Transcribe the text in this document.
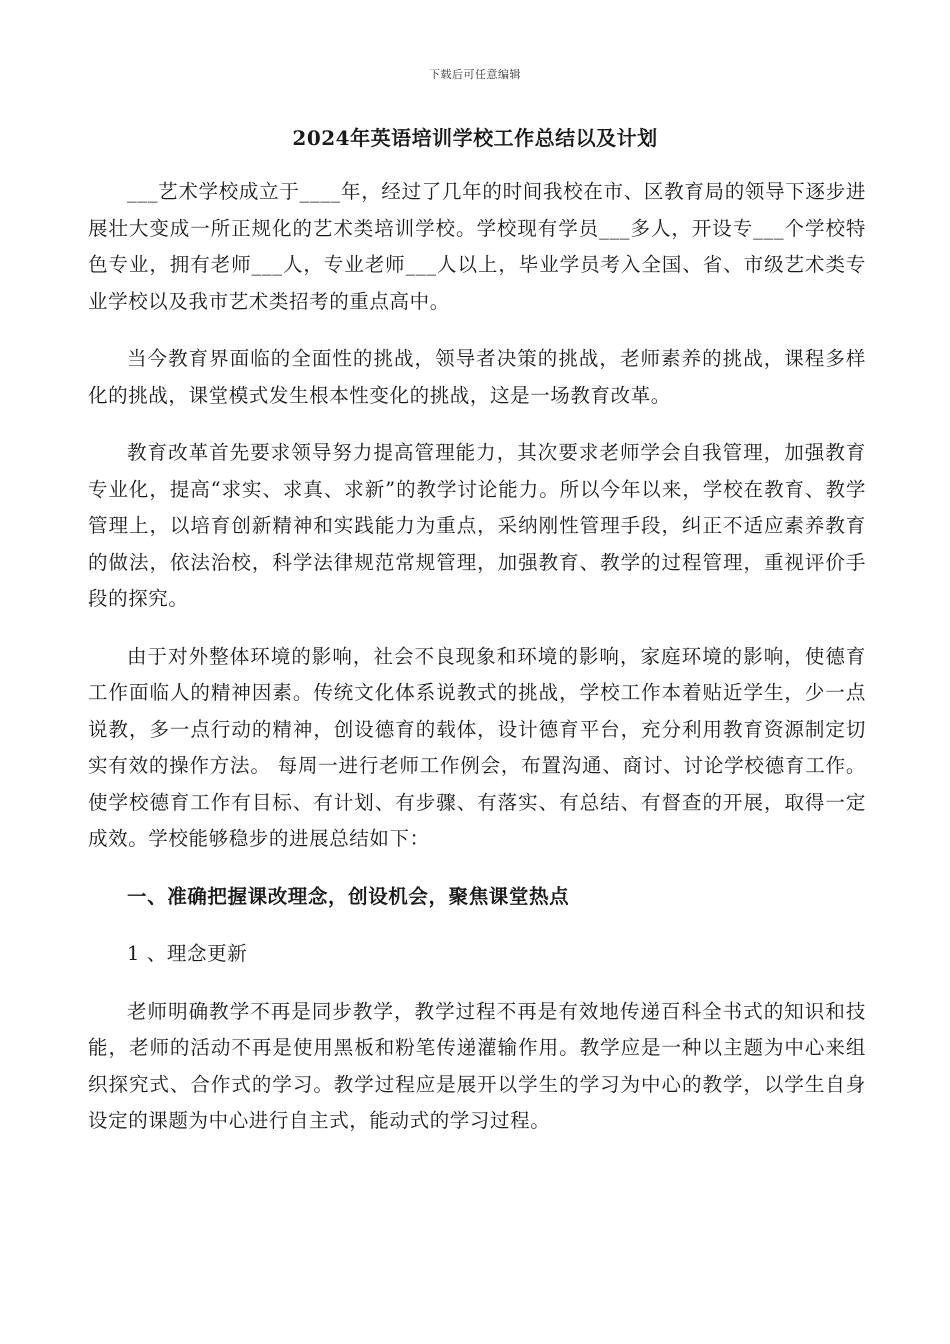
下载后可任意编辑
2024年英语培训学校工作总结以及计划

___艺术学校成立于____年，经过了几年的时间我校在市、区教育局的领导下逐步进展壮大变成一所正规化的艺术类培训学校。学校现有学员___多人，开设专___个学校特色专业，拥有老师___人，专业老师___人以上，毕业学员考入全国、省、市级艺术类专业学校以及我市艺术类招考的重点高中。

当今教育界面临的全面性的挑战，领导者决策的挑战，老师素养的挑战，课程多样化的挑战，课堂模式发生根本性变化的挑战，这是一场教育改革。

教育改革首先要求领导努力提高管理能力，其次要求老师学会自我管理，加强教育专业化，提高“求实、求真、求新”的教学讨论能力。所以今年以来，学校在教育、教学管理上，以培育创新精神和实践能力为重点，采纳刚性管理手段，纠正不适应素养教育的做法，依法治校，科学法律规范常规管理，加强教育、教学的过程管理，重视评价手段的探究。

由于对外整体环境的影响，社会不良现象和环境的影响，家庭环境的影响，使德育工作面临人的精神因素。传统文化体系说教式的挑战，学校工作本着贴近学生，少一点说教，多一点行动的精神，创设德育的载体，设计德育平台，充分利用教育资源制定切实有效的操作方法。 每周一进行老师工作例会，布置沟通、商讨、讨论学校德育工作。使学校德育工作有目标、有计划、有步骤、有落实、有总结、有督查的开展，取得一定成效。学校能够稳步的进展总结如下：

一、准确把握课改理念，创设机会，聚焦课堂热点

1 、理念更新

老师明确教学不再是同步教学，教学过程不再是有效地传递百科全书式的知识和技能，老师的活动不再是使用黑板和粉笔传递灌输作用。教学应是一种以主题为中心来组织探究式、合作式的学习。教学过程应是展开以学生的学习为中心的教学，以学生自身设定的课题为中心进行自主式，能动式的学习过程。
